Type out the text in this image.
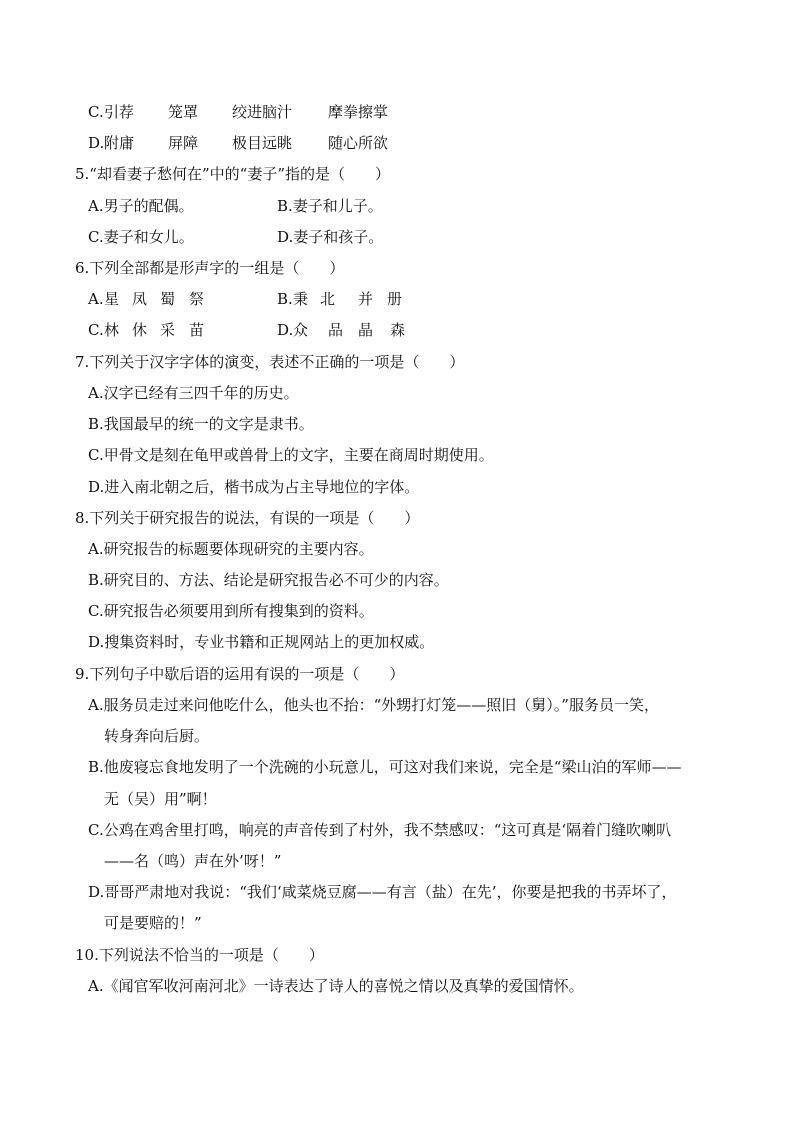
C. 引荐 笼罩 绞进脑汁 摩拳擦掌
D. 附庸 屏障 极目远眺 随心所欲
5.“却看妻子愁何在”中的“妻子”指的是（　　）
A.男子的配偶。	B.妻子和儿子。
C.妻子和女儿。	D.妻子和孩子。
6.下列全部都是形声字的一组是（　　）
A. 星 凤 蜀 祭	B. 秉 北 并 册
C. 林 休 采 苗	D. 众 品 晶 森
7.下列关于汉字字体的演变，表述不正确的一项是（　　）
A.汉字已经有三四千年的历史。
B.我国最早的统一的文字是隶书。
C.甲骨文是刻在龟甲或兽骨上的文字，主要在商周时期使用。
D.进入南北朝之后，楷书成为占主导地位的字体。
8.下列关于研究报告的说法，有误的一项是（　　）
A.研究报告的标题要体现研究的主要内容。
B.研究目的、方法、结论是研究报告必不可少的内容。
C.研究报告必须要用到所有搜集到的资料。
D.搜集资料时，专业书籍和正规网站上的更加权威。
9.下列句子中歇后语的运用有误的一项是（　　）
A.服务员走过来问他吃什么，他头也不抬：“外甥打灯笼——照旧（舅）。”服务员一笑，
转身奔向后厨。
B.他废寝忘食地发明了一个洗碗的小玩意儿，可这对我们来说，完全是“梁山泊的军师——
无（吴）用”啊！
C.公鸡在鸡舍里打鸣，响亮的声音传到了村外，我不禁感叹：“这可真是‘隔着门缝吹喇叭
——名（鸣）声在外’呀！”
D.哥哥严肃地对我说：“我们‘咸菜烧豆腐——有言（盐）在先’，你要是把我的书弄坏了，
可是要赔的！”
10.下列说法不恰当的一项是（　　）
A.《闻官军收河南河北》一诗表达了诗人的喜悦之情以及真挚的爱国情怀。
